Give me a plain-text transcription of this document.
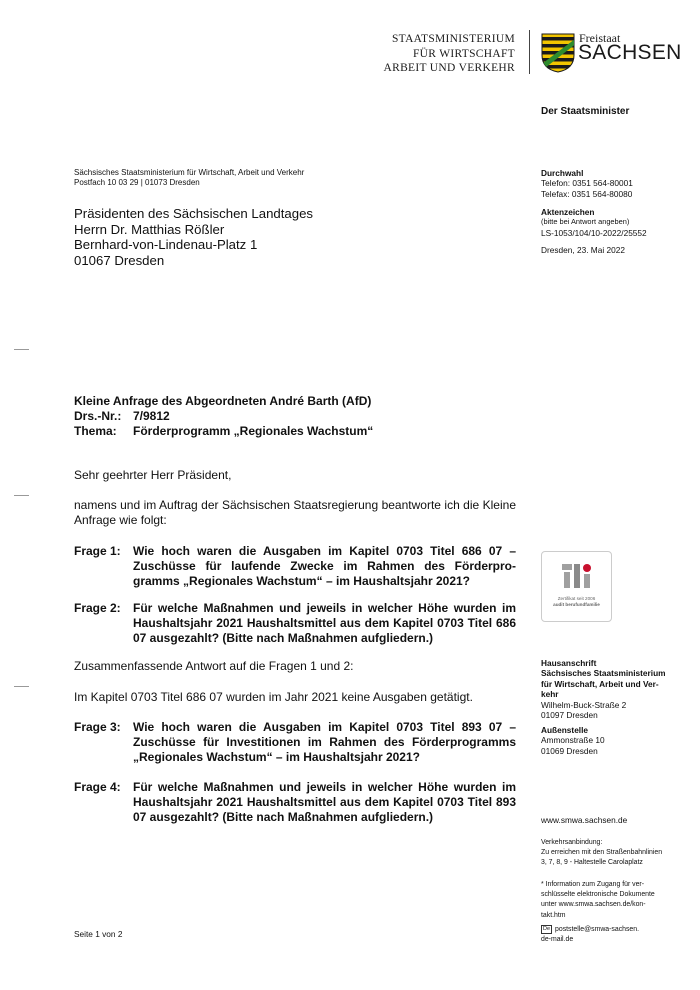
STAATSMINISTERIUM
FÜR WIRTSCHAFT
ARBEIT UND VERKEHR
Freistaat
SACHSEN
Der Staatsminister
Sächsisches Staatsministerium für Wirtschaft, Arbeit und Verkehr
Postfach 10 03 29 | 01073 Dresden
Präsidenten des Sächsischen Landtages
Herrn Dr. Matthias Rößler
Bernhard-von-Lindenau-Platz 1
01067 Dresden
Durchwahl
Telefon: 0351 564-80001
Telefax: 0351 564-80080
Aktenzeichen
(bitte bei Antwort angeben)
LS-1053/104/10-2022/25552
Dresden, 23. Mai 2022
Kleine Anfrage des Abgeordneten André Barth (AfD)
Drs.-Nr.: 7/9812
Thema: Förderprogramm „Regionales Wachstum“
Sehr geehrter Herr Präsident,
namens und im Auftrag der Sächsischen Staatsregierung beantworte ich die Kleine Anfrage wie folgt:
Frage 1:	Wie hoch waren die Ausgaben im Kapitel 0703 Titel 686 07 – Zuschüsse für laufende Zwecke im Rahmen des Förderpro-gramms „Regionales Wachstum“ – im Haushaltsjahr 2021?
Frage 2:	Für welche Maßnahmen und jeweils in welcher Höhe wurden im Haushaltsjahr 2021 Haushaltsmittel aus dem Kapitel 0703 Titel 686 07 ausgezahlt? (Bitte nach Maßnahmen aufgliedern.)
Zusammenfassende Antwort auf die Fragen 1 und 2:
Im Kapitel 0703 Titel 686 07 wurden im Jahr 2021 keine Ausgaben getätigt.
Frage 3:	Wie hoch waren die Ausgaben im Kapitel 0703 Titel 893 07 – Zuschüsse für Investitionen im Rahmen des Förderprogramms „Regionales Wachstum“ – im Haushaltsjahr 2021?
Frage 4:	Für welche Maßnahmen und jeweils in welcher Höhe wurden im Haushaltsjahr 2021 Haushaltsmittel aus dem Kapitel 0703 Titel 893 07 ausgezahlt? (Bitte nach Maßnahmen aufgliedern.)
Zertifikat seit 2006
audit berufundfamilie
Hausanschrift
Sächsisches Staatsministerium für Wirtschaft, Arbeit und Ver-kehr
Wilhelm-Buck-Straße 2
01097 Dresden
Außenstelle
Ammonstraße 10
01069 Dresden
www.smwa.sachsen.de
Verkehrsanbindung:
Zu erreichen mit den Straßenbahnlinien
3, 7, 8, 9 - Haltestelle Carolaplatz
* Information zum Zugang für ver-
schlüsselte elektronische Dokumente
unter www.smwa.sachsen.de/kon-
takt.htm
De poststelle@smwa-sachsen.
de-mail.de
Seite 1 von 2
